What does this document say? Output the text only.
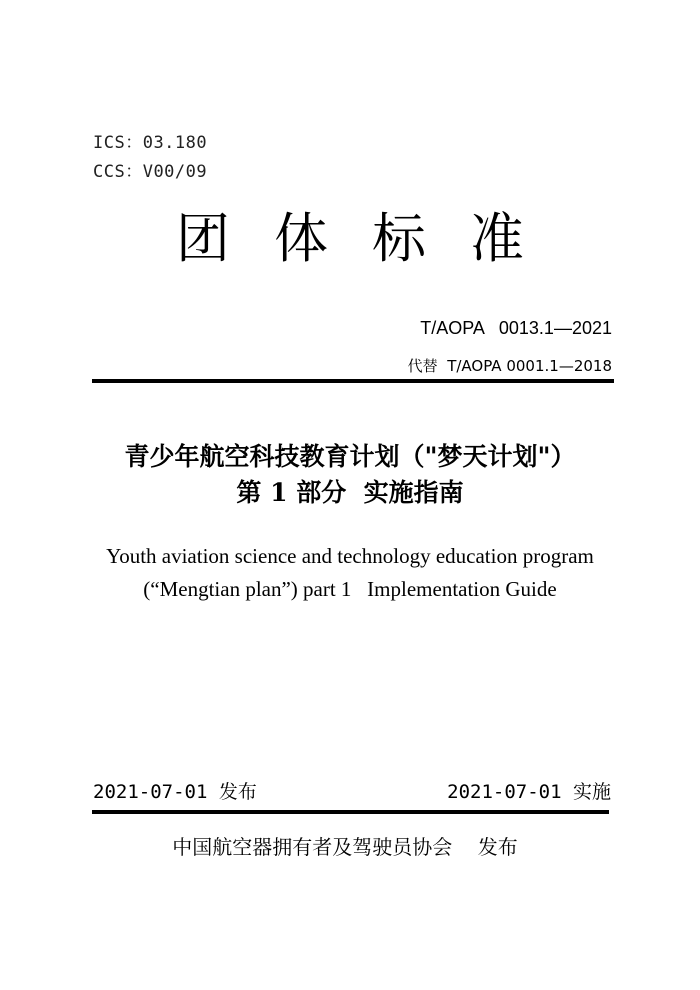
ICS：03.180
CCS：V00/09
团体标准
T/AOPA   0013.1—2021
代替  T/AOPA 0001.1—2018
青少年航空科技教育计划（"梦天计划"）
第 1 部分  实施指南
Youth aviation science and technology education program
(“Mengtian plan”) part 1   Implementation Guide
2021-07-01 发布	2021-07-01 实施
中国航空器拥有者及驾驶员协会    发布
